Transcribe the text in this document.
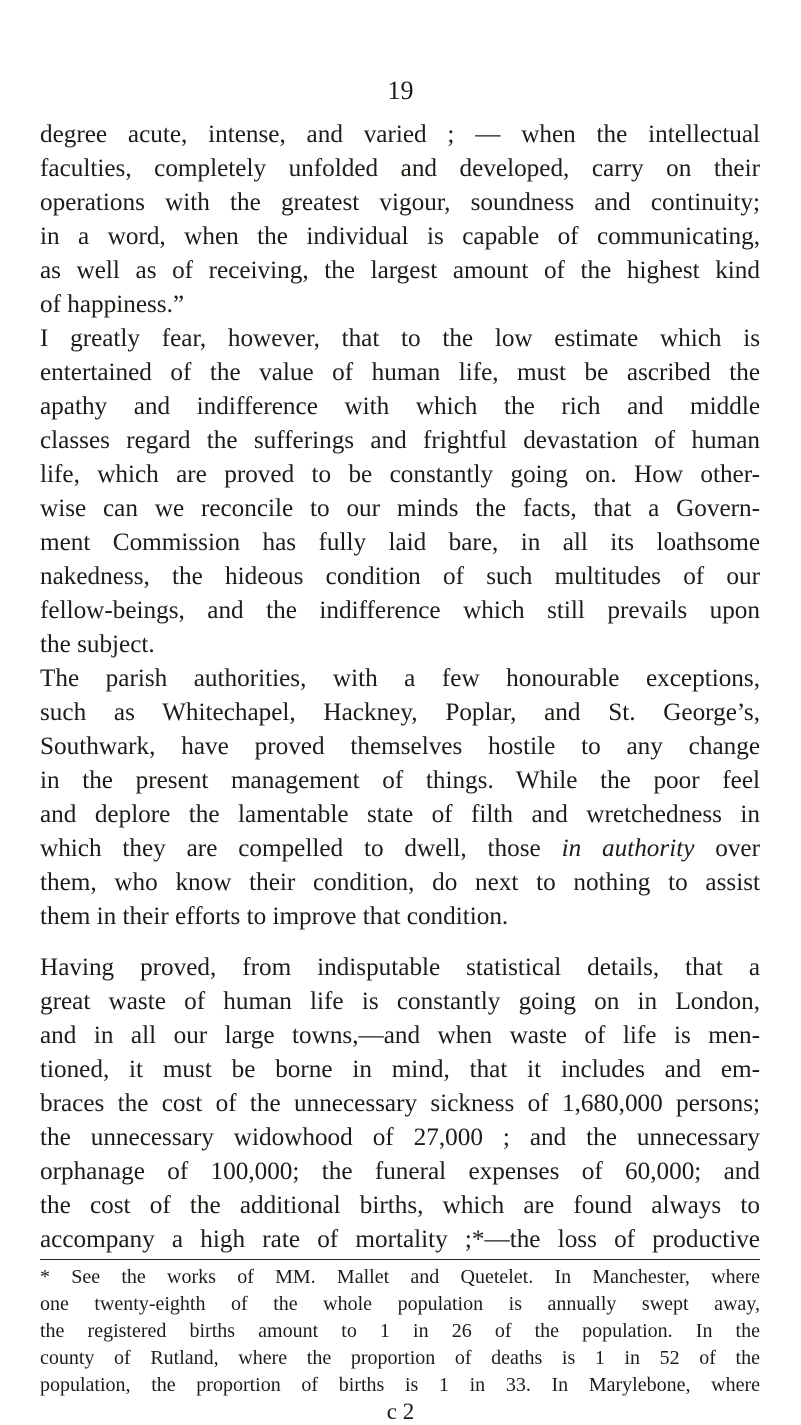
19

degree acute, intense, and varied ; — when the intellectual

faculties, completely unfolded and developed, carry on their

operations with the greatest vigour, soundness and continuity;

in a word, when the individual is capable of communicating,

as well as of receiving, the largest amount of the highest kind

of happiness.”

I greatly fear, however, that to the low estimate which is

entertained of the value of human life, must be ascribed the

apathy and indifference with which the rich and middle

classes regard the sufferings and frightful devastation of human

life, which are proved to be constantly going on. How other-

wise can we reconcile to our minds the facts, that a Govern-

ment Commission has fully laid bare, in all its loathsome

nakedness, the hideous condition of such multitudes of our

fellow-beings, and the indifference which still prevails upon

the subject.

The parish authorities, with a few honourable exceptions,

such as Whitechapel, Hackney, Poplar, and St. George’s,

Southwark, have proved themselves hostile to any change

in the present management of things. While the poor feel

and deplore the lamentable state of filth and wretchedness in

which they are compelled to dwell, those in authority over

them, who know their condition, do next to nothing to assist

them in their efforts to improve that condition.

Having proved, from indisputable statistical details, that a

great waste of human life is constantly going on in London,

and in all our large towns,—and when waste of life is men-

tioned, it must be borne in mind, that it includes and em-

braces the cost of the unnecessary sickness of 1,680,000 persons;

the unnecessary widowhood of 27,000 ; and the unnecessary

orphanage of 100,000; the funeral expenses of 60,000; and

the cost of the additional births, which are found always to

accompany a high rate of mortality ;*—the loss of productive

* See the works of MM. Mallet and Quetelet. In Manchester, where

one twenty-eighth of the whole population is annually swept away,

the registered births amount to 1 in 26 of the population. In the

county of Rutland, where the proportion of deaths is 1 in 52 of the

population, the proportion of births is 1 in 33. In Marylebone, where

c 2
